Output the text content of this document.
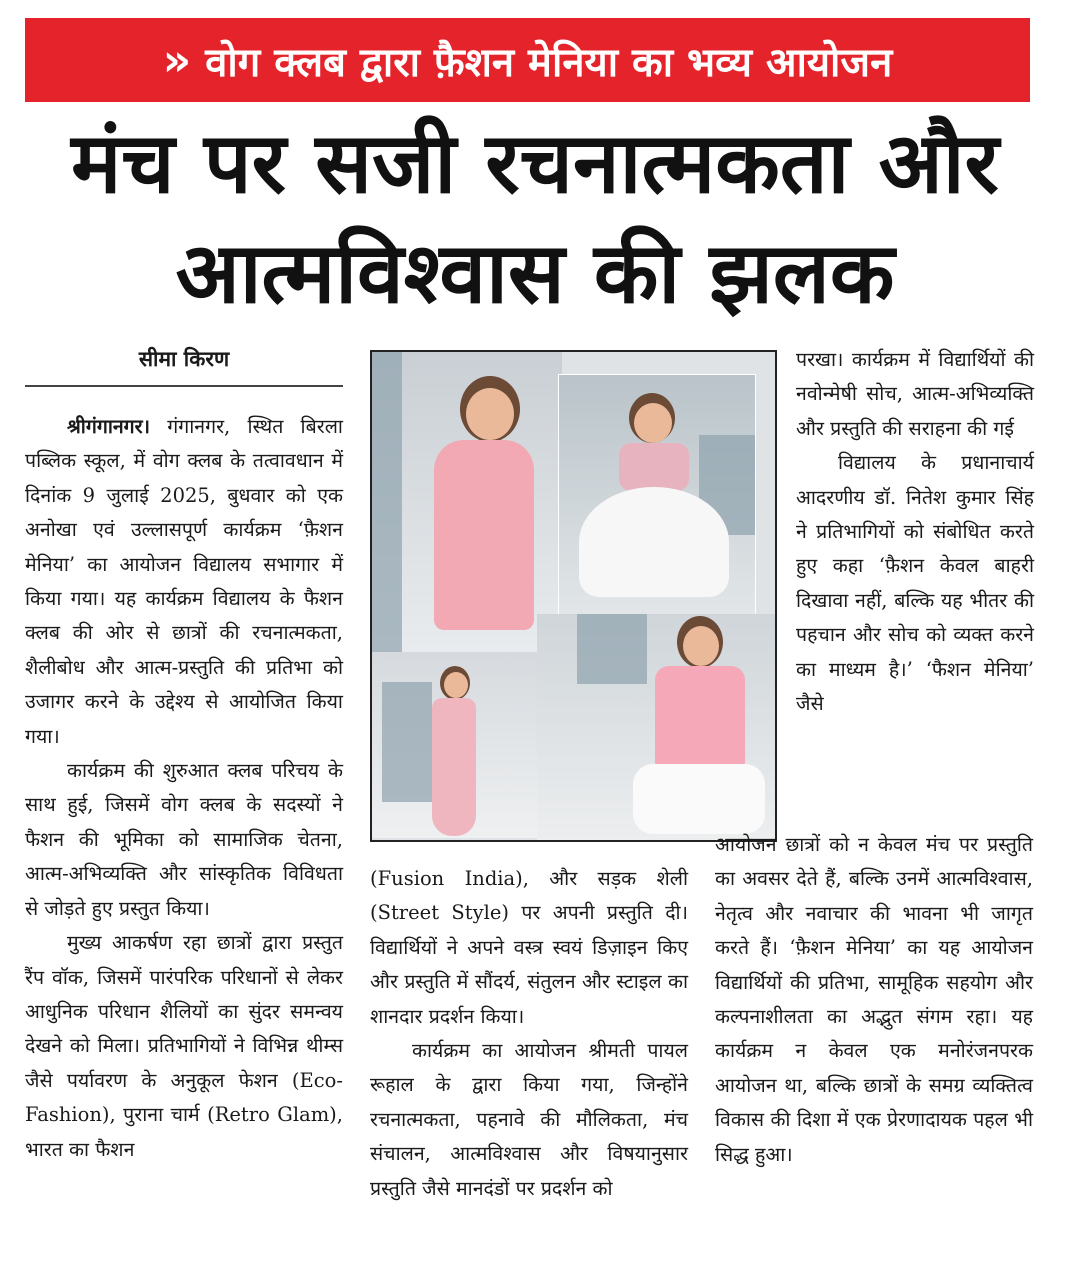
» वोग क्लब द्वारा फ़ैशन मेनिया का भव्य आयोजन
मंच पर सजी रचनात्मकता और
आत्मविश्वास की झलक
सीमा किरण

श्रीगंगानगर। गंगानगर, स्थित बिरला पब्लिक स्कूल, में वोग क्लब के तत्वावधान में दिनांक 9 जुलाई 2025, बुधवार को एक अनोखा एवं उल्लासपूर्ण कार्यक्रम ‘फ़ैशन मेनिया’ का आयोजन विद्यालय सभागार में किया गया। यह कार्यक्रम विद्यालय के फैशन क्लब की ओर से छात्रों की रचनात्मकता, शैलीबोध और आत्म-प्रस्तुति की प्रतिभा को उजागर करने के उद्देश्य से आयोजित किया गया।

कार्यक्रम की शुरुआत क्लब परिचय के साथ हुई, जिसमें वोग क्लब के सदस्यों ने फैशन की भूमिका को सामाजिक चेतना, आत्म-अभिव्यक्ति और सांस्कृतिक विविधता से जोड़ते हुए प्रस्तुत किया।

मुख्य आकर्षण रहा छात्रों द्वारा प्रस्तुत रैंप वॉक, जिसमें पारंपरिक परिधानों से लेकर आधुनिक परिधान शैलियों का सुंदर समन्वय देखने को मिला। प्रतिभागियों ने विभिन्न थीम्स जैसे पर्यावरण के अनुकूल फेशन (Eco-Fashion), पुराना चार्म (Retro Glam), भारत का फैशन

(Fusion India), और सड़क शेली (Street Style) पर अपनी प्रस्तुति दी। विद्यार्थियों ने अपने वस्त्र स्वयं डिज़ाइन किए और प्रस्तुति में सौंदर्य, संतुलन और स्टाइल का शानदार प्रदर्शन किया।

कार्यक्रम का आयोजन श्रीमती पायल रूहाल के द्वारा किया गया, जिन्होंने रचनात्मकता, पहनावे की मौलिकता, मंच संचालन, आत्मविश्वास और विषयानुसार प्रस्तुति जैसे मानदंडों पर प्रदर्शन को

परखा। कार्यक्रम में विद्यार्थियों की नवोन्मेषी सोच, आत्म-अभिव्यक्ति और प्रस्तुति की सराहना की गई

विद्यालय के प्रधानाचार्य आदरणीय डॉ. नितेश कुमार सिंह ने प्रतिभागियों को संबोधित करते हुए कहा ‘फ़ैशन केवल बाहरी दिखावा नहीं, बल्कि यह भीतर की पहचान और सोच को व्यक्त करने का माध्यम है।’ ‘फैशन मेनिया’ जैसे

आयोजन छात्रों को न केवल मंच पर प्रस्तुति का अवसर देते हैं, बल्कि उनमें आत्मविश्वास, नेतृत्व और नवाचार की भावना भी जागृत करते हैं। ‘फ़ैशन मेनिया’ का यह आयोजन विद्यार्थियों की प्रतिभा, सामूहिक सहयोग और कल्पनाशीलता का अद्भुत संगम रहा। यह कार्यक्रम न केवल एक मनोरंजनपरक आयोजन था, बल्कि छात्रों के समग्र व्यक्तित्व विकास की दिशा में एक प्रेरणादायक पहल भी सिद्ध हुआ।
